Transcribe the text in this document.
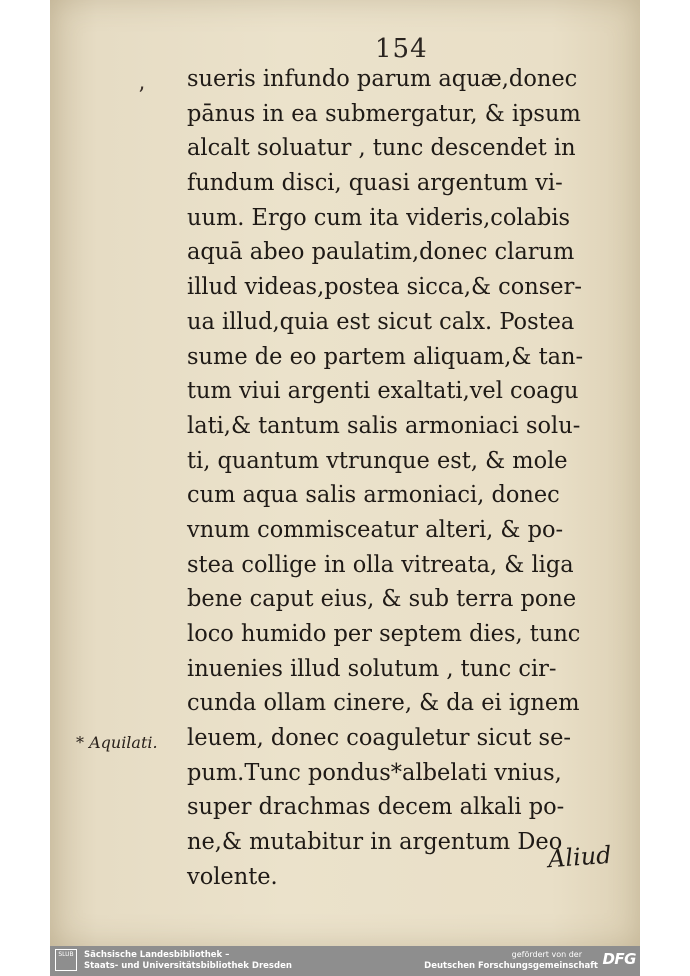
154
’
sueris infundo parum aquæ,donec
pānus in ea submergatur, & ipsum
alcalt soluatur , tunc descendet in
fundum disci, quasi argentum vi-
uum. Ergo cum ita videris,colabis
aquā abeo paulatim,donec clarum
illud videas,postea sicca,& conser-
ua illud,quia est sicut calx. Postea
sume de eo partem aliquam,& tan-
tum viui argenti exaltati,vel coagu
lati,& tantum salis armoniaci solu-
ti, quantum vtrunque est, & mole
cum aqua salis armoniaci, donec
vnum commisceatur alteri, & po-
stea collige in olla vitreata, & liga
bene caput eius, & sub terra pone
loco humido per septem dies, tunc
inuenies illud solutum , tunc cir-
cunda ollam cinere, & da ei ignem
leuem, donec coaguletur sicut se-
pum.Tunc pondus*albelati vnius,
super drachmas decem alkali po-
ne,& mutabitur in argentum Deo
volente.
* Aquilati.
Aliud
SLUB	Sächsische Landesbibliothek –
Staats- und Universitätsbibliothek Dresden
gefördert von der
Deutschen Forschungsgemeinschaft DFG
